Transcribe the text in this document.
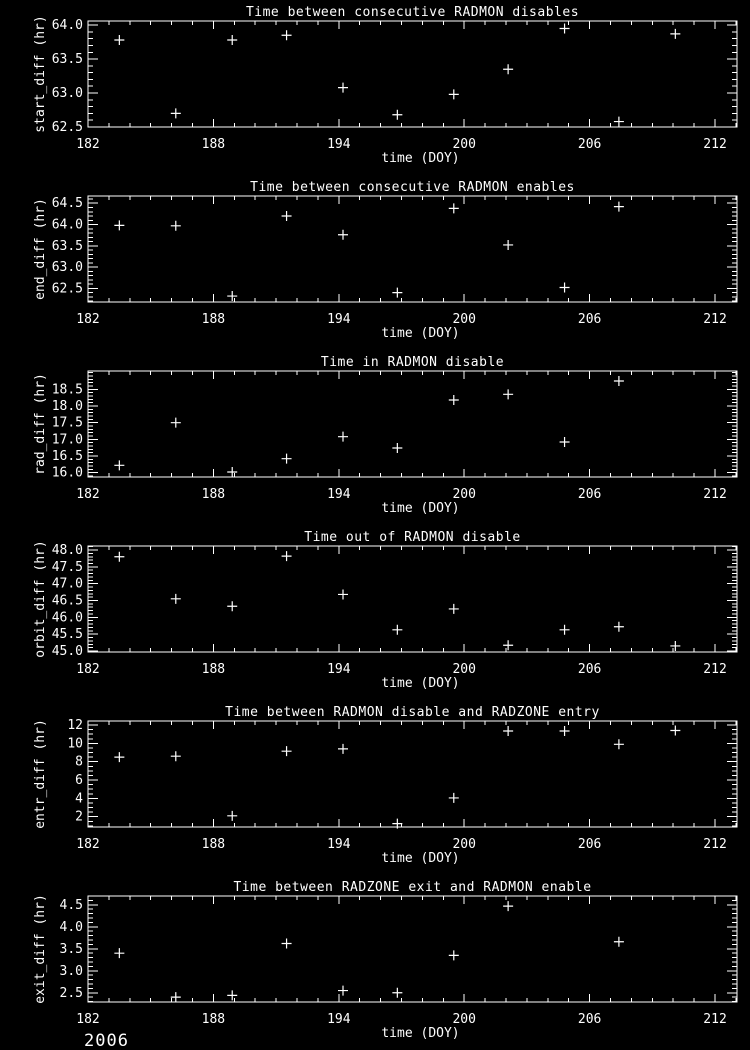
182	188	194	200	206	212
62.5
63.0
63.5
64.0
Time between consecutive RADMON disables
time (DOY)
start_diff (hr)
182	188	194	200	206	212
62.5
63.0
63.5
64.0
64.5
Time between consecutive RADMON enables
time (DOY)
end_diff (hr)
182	188	194	200	206	212
16.0
16.5
17.0
17.5
18.0
18.5
Time in RADMON disable
time (DOY)
rad_diff (hr)
182	188	194	200	206	212
45.0
45.5
46.0
46.5
47.0
47.5
48.0
Time out of RADMON disable
time (DOY)
orbit_diff (hr)
182	188	194	200	206	212
2
4
6
8
10
12
Time between RADMON disable and RADZONE entry
time (DOY)
entr_diff (hr)
182	188	194	200	206	212
2.5
3.0
3.5
4.0
4.5
Time between RADZONE exit and RADMON enable
time (DOY)
exit_diff (hr)
2006
